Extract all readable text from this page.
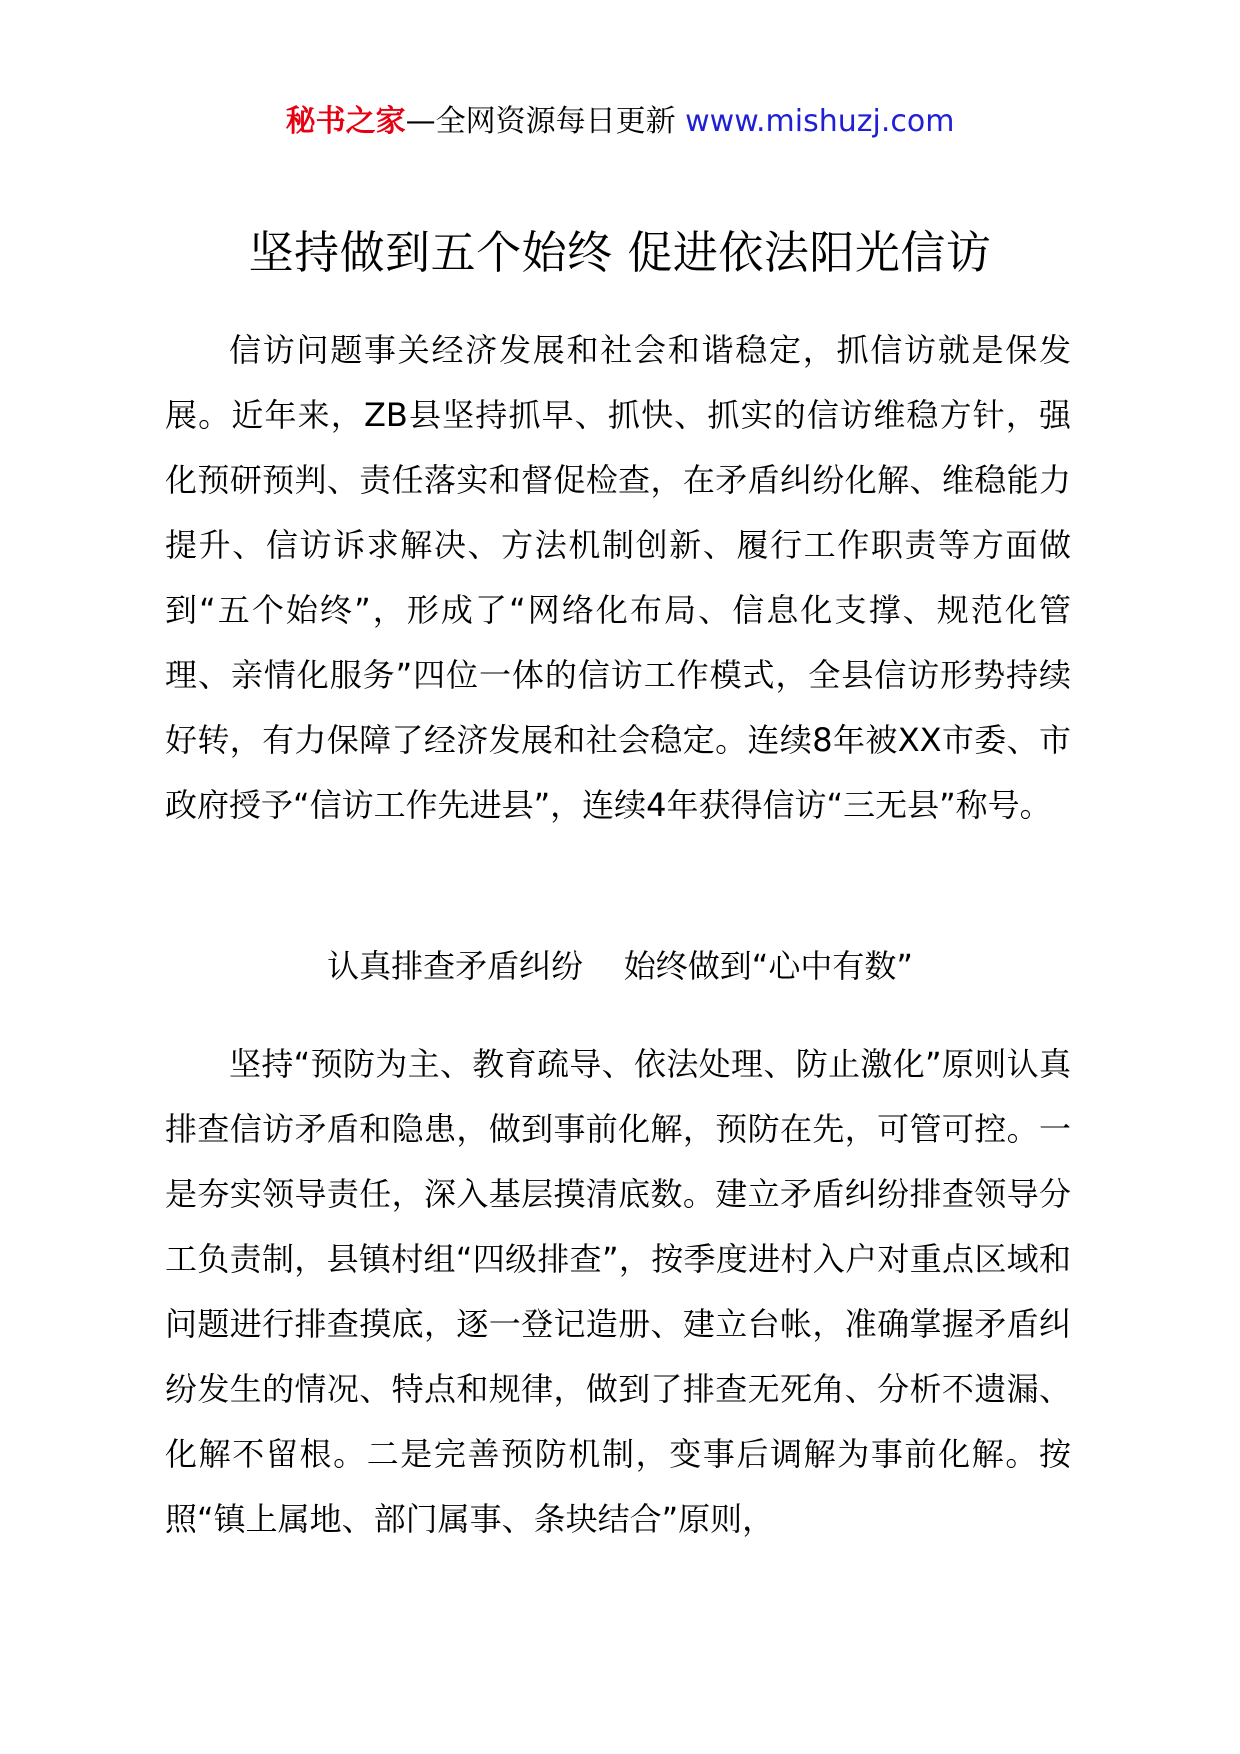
秘书之家—全网资源每日更新 www.mishuzj.com
坚持做到五个始终 促进依法阳光信访

信访问题事关经济发展和社会和谐稳定，抓信访就是保发展。近年来，ZB县坚持抓早、抓快、抓实的信访维稳方针，强化预研预判、责任落实和督促检查，在矛盾纠纷化解、维稳能力提升、信访诉求解决、方法机制创新、履行工作职责等方面做到“五个始终”，形成了“网络化布局、信息化支撑、规范化管理、亲情化服务”四位一体的信访工作模式，全县信访形势持续好转，有力保障了经济发展和社会稳定。连续8年被XX市委、市政府授予“信访工作先进县”，连续4年获得信访“三无县”称号。

认真排查矛盾纠纷    始终做到“心中有数”

坚持“预防为主、教育疏导、依法处理、防止激化”原则认真排查信访矛盾和隐患，做到事前化解，预防在先，可管可控。一是夯实领导责任，深入基层摸清底数。建立矛盾纠纷排查领导分工负责制，县镇村组“四级排查”，按季度进村入户对重点区域和问题进行排查摸底，逐一登记造册、建立台帐，准确掌握矛盾纠纷发生的情况、特点和规律，做到了排查无死角、分析不遗漏、化解不留根。二是完善预防机制，变事后调解为事前化解。按照“镇上属地、部门属事、条块结合”原则，
